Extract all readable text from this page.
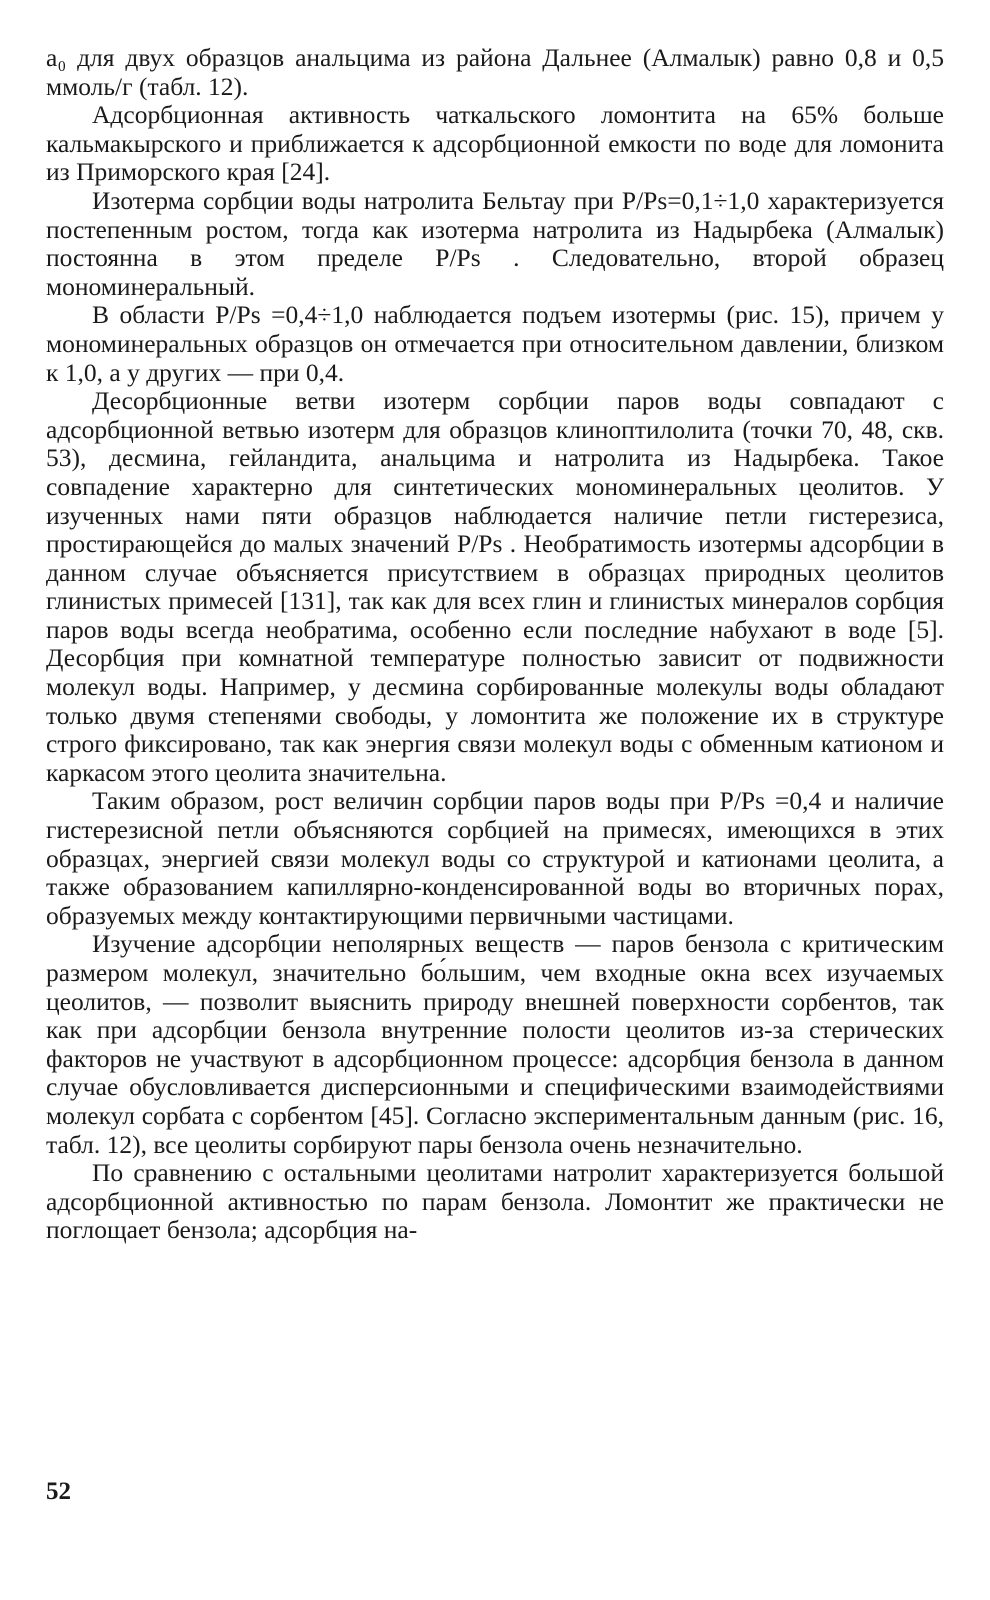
a₀ для двух образцов анальцима из района Дальнее (Алмалык) равно 0,8 и 0,5 ммоль/г (табл. 12).

Адсорбционная активность чаткальского ломонтита на 65% больше кальмакырского и приближается к адсорбционной емкости по воде для ломонита из Приморского края [24].

Изотерма сорбции воды натролита Бельтау при P/Ps=0,1÷1,0 характеризуется постепенным ростом, тогда как изотерма натролита из Надырбека (Алмалык) постоянна в этом пределе P/Ps . Следовательно, второй образец мономинеральный.

В области P/Ps =0,4÷1,0 наблюдается подъем изотермы (рис. 15), причем у мономинеральных образцов он отмечается при относительном давлении, близком к 1,0, а у других — при 0,4.

Десорбционные ветви изотерм сорбции паров воды совпадают с адсорбционной ветвью изотерм для образцов клиноптилолита (точки 70, 48, скв. 53), десмина, гейландита, анальцима и натролита из Надырбека. Такое совпадение характерно для синтетических мономинеральных цеолитов. У изученных нами пяти образцов наблюдается наличие петли гистерезиса, простирающейся до малых значений P/Ps . Необратимость изотермы адсорбции в данном случае объясняется присутствием в образцах природных цеолитов глинистых примесей [131], так как для всех глин и глинистых минералов сорбция паров воды всегда необратима, особенно если последние набухают в воде [5]. Десорбция при комнатной температуре полностью зависит от подвижности молекул воды. Например, у десмина сорбированные молекулы воды обладают только двумя степенями свободы, у ломонтита же положение их в структуре строго фиксировано, так как энергия связи молекул воды с обменным катионом и каркасом этого цеолита значительна.

Таким образом, рост величин сорбции паров воды при P/Ps =0,4 и наличие гистерезисной петли объясняются сорбцией на примесях, имеющихся в этих образцах, энергией связи молекул воды со структурой и катионами цеолита, а также образованием капиллярно-конденсированной воды во вторичных порах, образуемых между контактирующими первичными частицами.

Изучение адсорбции неполярных веществ — паров бензола с критическим размером молекул, значительно бо́льшим, чем входные окна всех изучаемых цеолитов, — позволит выяснить природу внешней поверхности сорбентов, так как при адсорбции бензола внутренние полости цеолитов из-за стерических факторов не участвуют в адсорбционном процессе: адсорбция бензола в данном случае обусловливается дисперсионными и специфическими взаимодействиями молекул сорбата с сорбентом [45]. Согласно экспериментальным данным (рис. 16, табл. 12), все цеолиты сорбируют пары бензола очень незначительно.

По сравнению с остальными цеолитами натролит характеризуется большой адсорбционной активностью по парам бензола. Ломонтит же практически не поглощает бензола; адсорбция на-

52
